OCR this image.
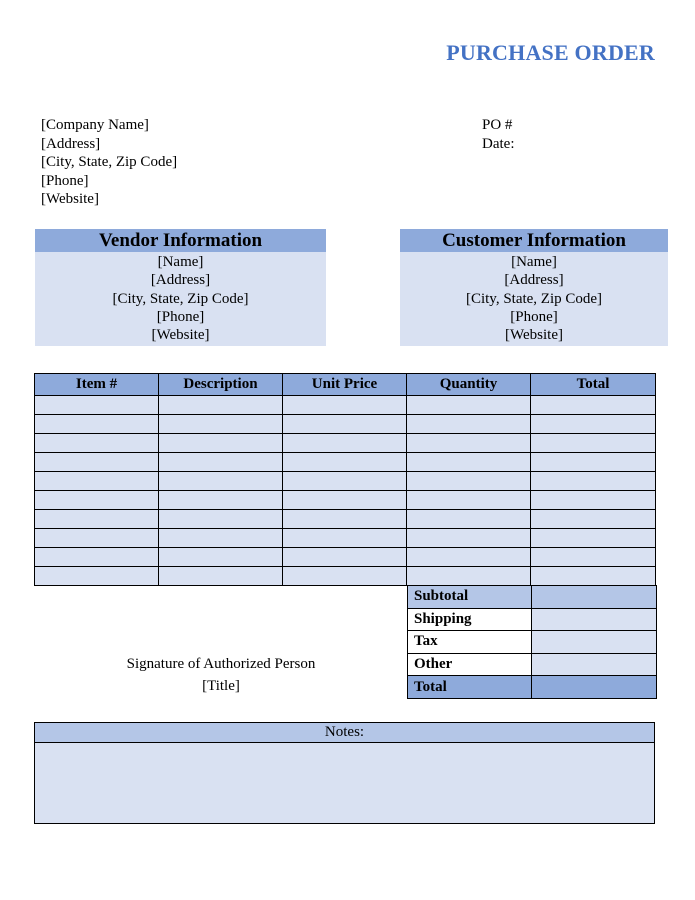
PURCHASE ORDER
[Company Name]
[Address]
[City, State, Zip Code]
[Phone]
[Website]
PO #
Date:
Vendor Information
[Name]
[Address]
[City, State, Zip Code]
[Phone]
[Website]
Customer Information
[Name]
[Address]
[City, State, Zip Code]
[Phone]
[Website]
Item #	Description	Unit Price	Quantity	Total

Subtotal	
Shipping	
Tax	
Other	
Total	
Signature of Authorized Person
[Title]
Notes:
